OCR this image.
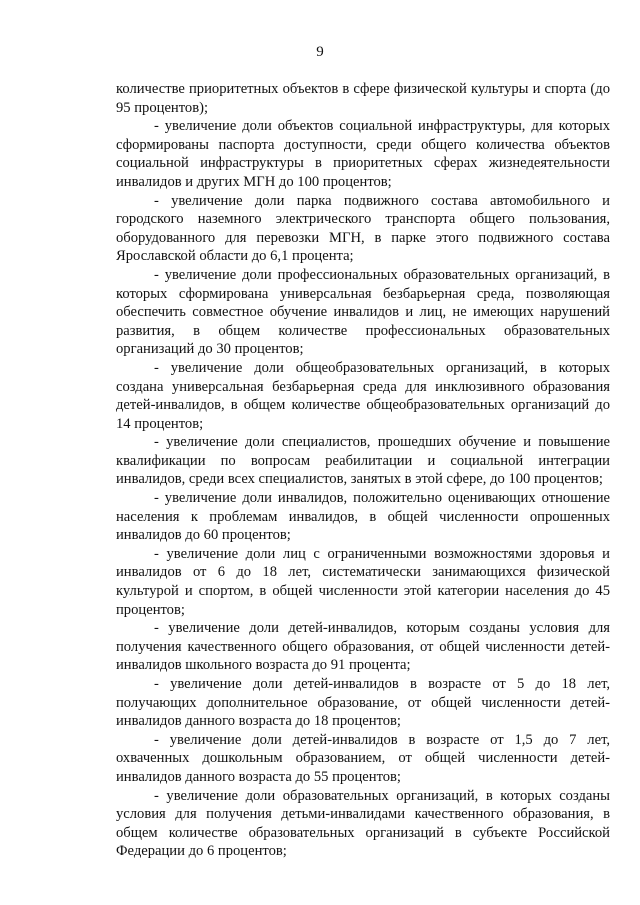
9

количестве приоритетных объектов в сфере физической культуры и спорта (до 95 процентов);

- увеличение доли объектов социальной инфраструктуры, для которых сформированы паспорта доступности, среди общего количества объектов социальной инфраструктуры в приоритетных сферах жизнедеятельности инвалидов и других МГН до 100 процентов;

- увеличение доли парка подвижного состава автомобильного и городского наземного электрического транспорта общего пользования, оборудованного для перевозки МГН, в парке этого подвижного состава Ярославской области до 6,1 процента;

- увеличение доли профессиональных образовательных организаций, в которых сформирована универсальная безбарьерная среда, позволяющая обеспечить совместное обучение инвалидов и лиц, не имеющих нарушений развития, в общем количестве профессиональных образовательных организаций до 30 процентов;

- увеличение доли общеобразовательных организаций, в которых создана универсальная безбарьерная среда для инклюзивного образования детей-инвалидов, в общем количестве общеобразовательных организаций до 14 процентов;

- увеличение доли специалистов, прошедших обучение и повышение квалификации по вопросам реабилитации и социальной интеграции инвалидов, среди всех специалистов, занятых в этой сфере, до 100 процентов;

- увеличение доли инвалидов, положительно оценивающих отношение населения к проблемам инвалидов, в общей численности опрошенных инвалидов до 60 процентов;

- увеличение доли лиц с ограниченными возможностями здоровья и инвалидов от 6 до 18 лет, систематически занимающихся физической культурой и спортом, в общей численности этой категории населения до 45 процентов;

- увеличение доли детей-инвалидов, которым созданы условия для получения качественного общего образования, от общей численности детей-инвалидов школьного возраста до 91 процента;

- увеличение доли детей-инвалидов в возрасте от 5 до 18 лет, получающих дополнительное образование, от общей численности детей-инвалидов данного возраста до 18 процентов;

- увеличение доли детей-инвалидов в возрасте от 1,5 до 7 лет, охваченных дошкольным образованием, от общей численности детей-инвалидов данного возраста до 55 процентов;

- увеличение доли образовательных организаций, в которых созданы условия для получения детьми-инвалидами качественного образования, в общем количестве образовательных организаций в субъекте Российской Федерации до 6 процентов;
